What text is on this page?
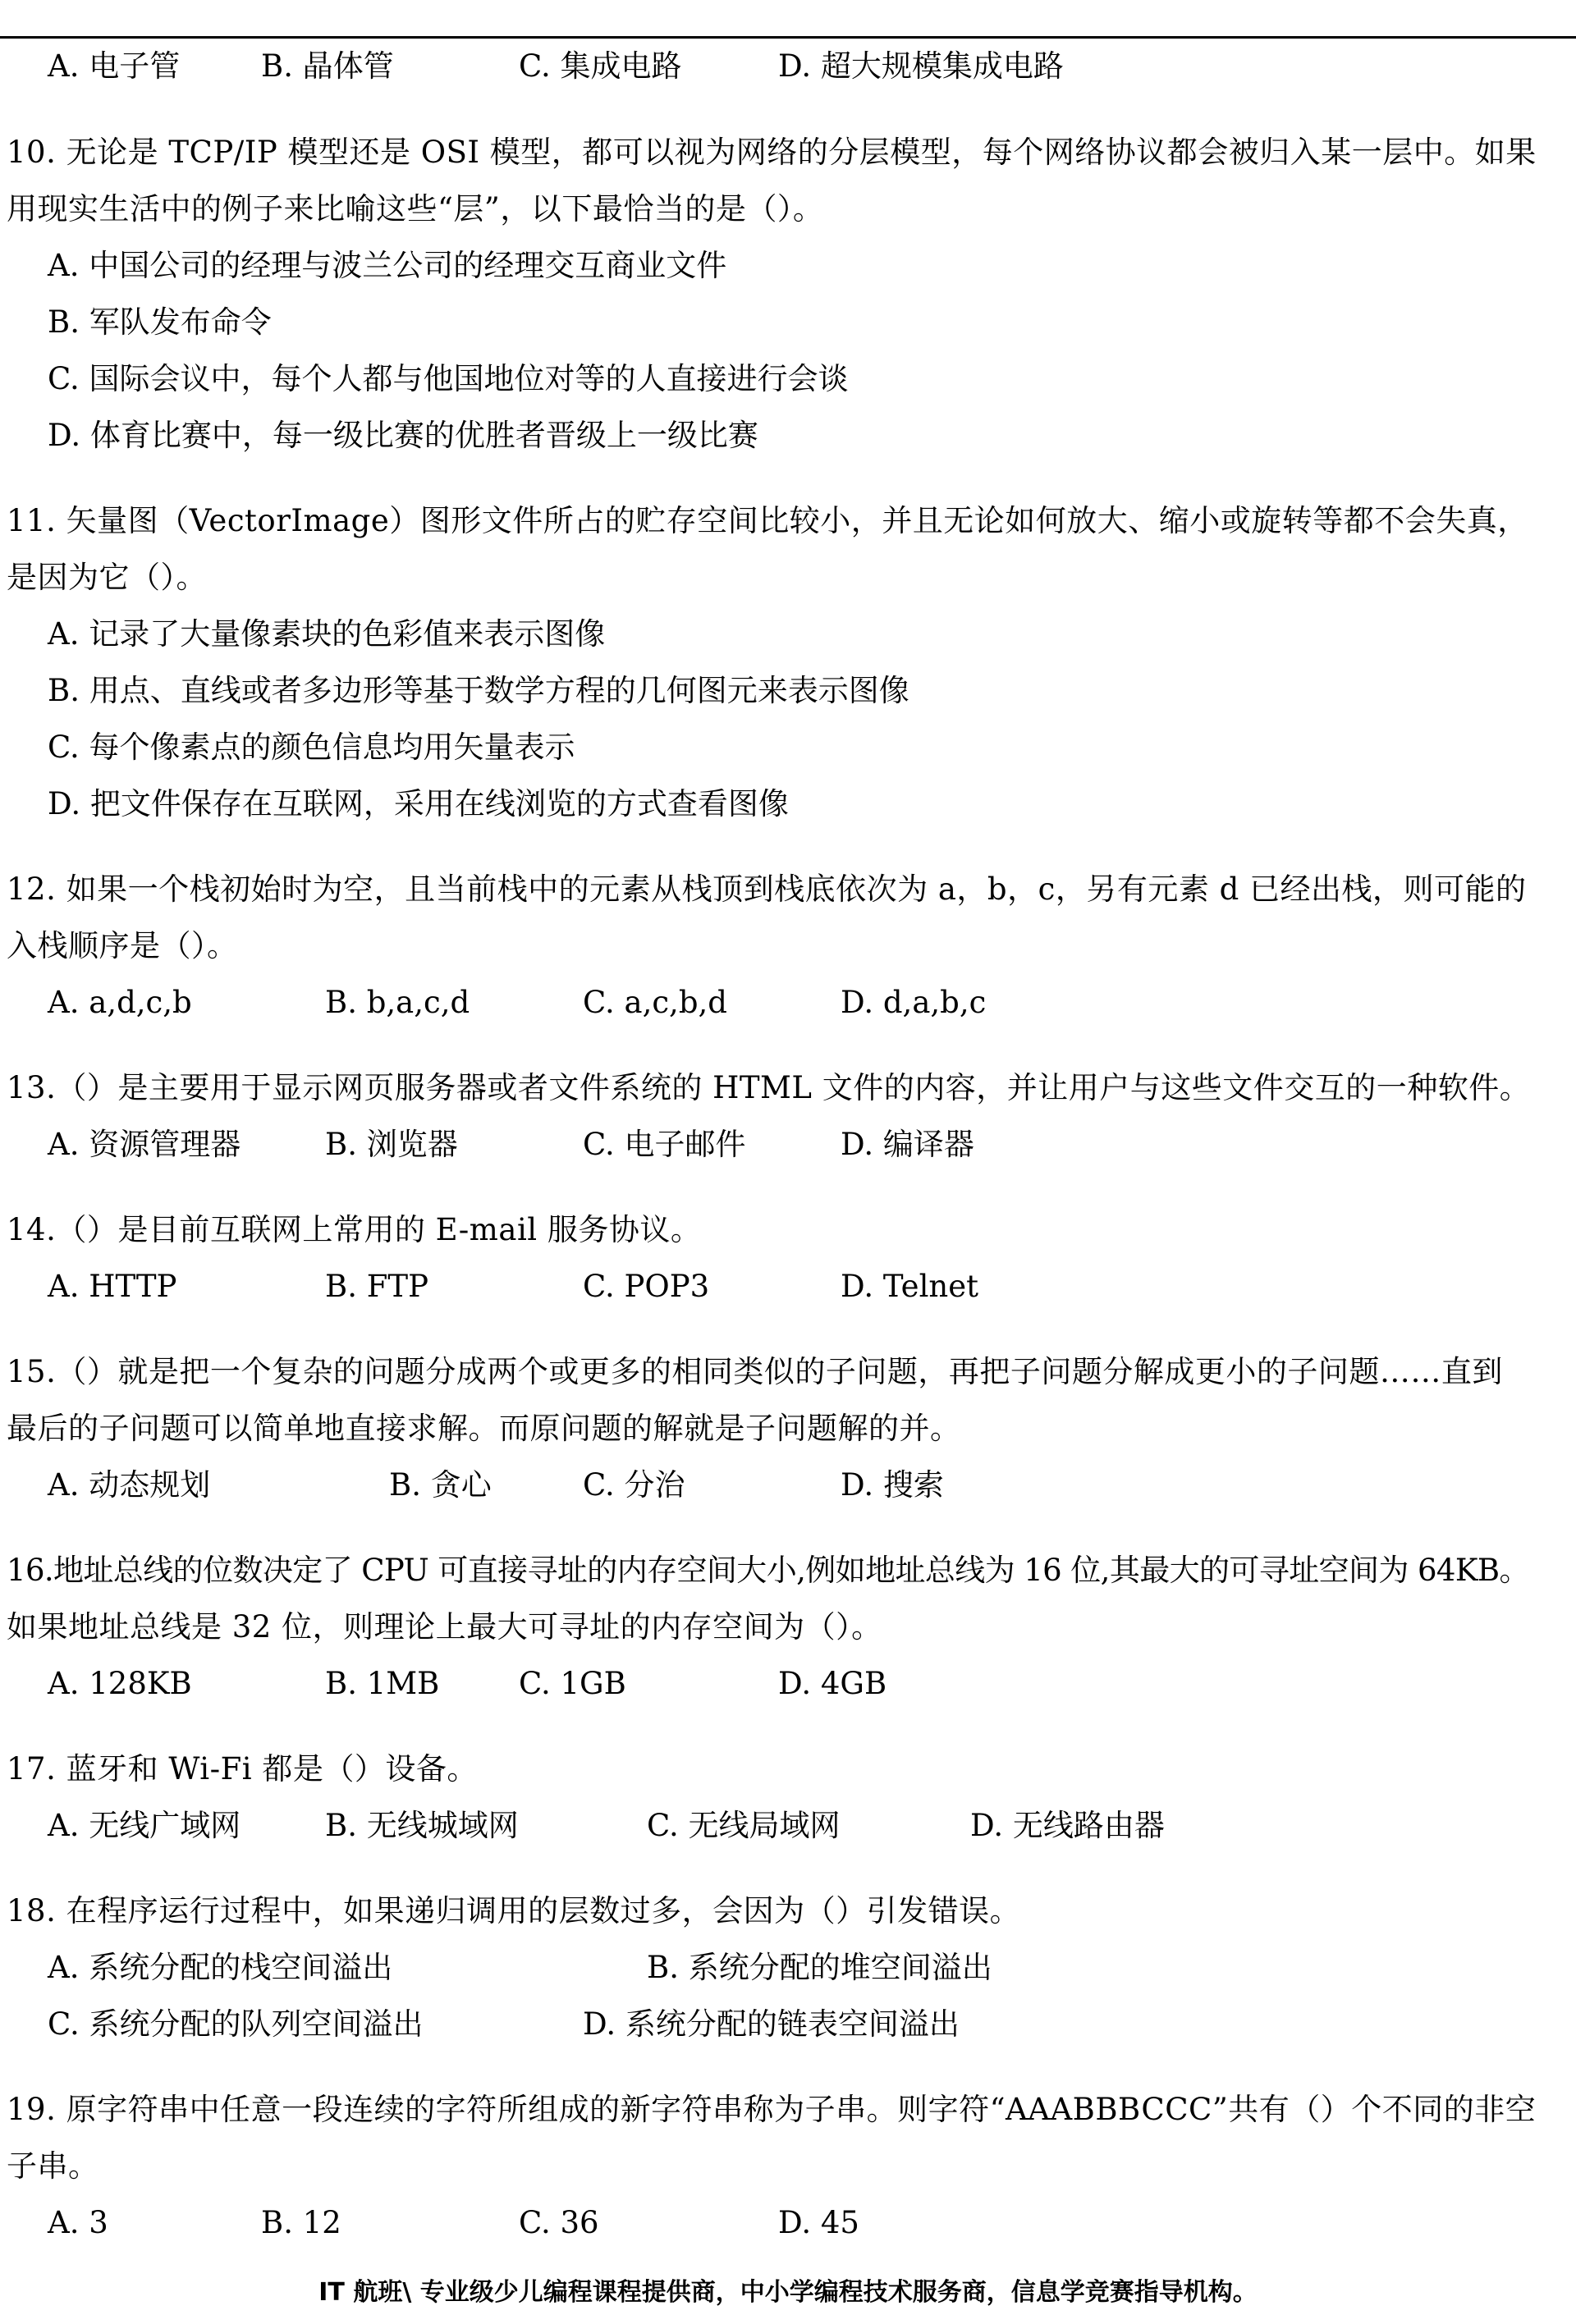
A. 电子管	B. 晶体管	C. 集成电路	D. 超大规模集成电路
10. 无论是 TCP/IP 模型还是 OSI 模型，都可以视为网络的分层模型，每个网络协议都会被归入某一层中。如果
用现实生活中的例子来比喻这些“层”，以下最恰当的是（）。
A. 中国公司的经理与波兰公司的经理交互商业文件
B. 军队发布命令
C. 国际会议中，每个人都与他国地位对等的人直接进行会谈
D. 体育比赛中，每一级比赛的优胜者晋级上一级比赛
11. 矢量图（VectorImage）图形文件所占的贮存空间比较小，并且无论如何放大、缩小或旋转等都不会失真，
是因为它（）。
A. 记录了大量像素块的色彩值来表示图像
B. 用点、直线或者多边形等基于数学方程的几何图元来表示图像
C. 每个像素点的颜色信息均用矢量表示
D. 把文件保存在互联网，采用在线浏览的方式查看图像
12. 如果一个栈初始时为空，且当前栈中的元素从栈顶到栈底依次为 a，b，c，另有元素 d 已经出栈，则可能的
入栈顺序是（）。
A. a,d,c,b	B. b,a,c,d	C. a,c,b,d	D. d,a,b,c
13.（）是主要用于显示网页服务器或者文件系统的 HTML 文件的内容，并让用户与这些文件交互的一种软件。
A. 资源管理器	B. 浏览器	C. 电子邮件	D. 编译器
14.（）是目前互联网上常用的 E-mail 服务协议。
A. HTTP	B. FTP	C. POP3	D. Telnet
15.（）就是把一个复杂的问题分成两个或更多的相同类似的子问题，再把子问题分解成更小的子问题……直到
最后的子问题可以简单地直接求解。而原问题的解就是子问题解的并。
A. 动态规划	B. 贪心	C. 分治	D. 搜索
16.地址总线的位数决定了 CPU 可直接寻址的内存空间大小,例如地址总线为 16 位,其最大的可寻址空间为 64KB。
如果地址总线是 32 位，则理论上最大可寻址的内存空间为（）。
A. 128KB	B. 1MB	C. 1GB	D. 4GB
17. 蓝牙和 Wi-Fi 都是（）设备。
A. 无线广域网	B. 无线城域网	C. 无线局域网	D. 无线路由器
18. 在程序运行过程中，如果递归调用的层数过多，会因为（）引发错误。
A. 系统分配的栈空间溢出	B. 系统分配的堆空间溢出
C. 系统分配的队列空间溢出	D. 系统分配的链表空间溢出
19. 原字符串中任意一段连续的字符所组成的新字符串称为子串。则字符“AAABBBCCC”共有（）个不同的非空
子串。
A. 3	B. 12	C. 36	D. 45
IT 航班\ 专业级少儿编程课程提供商，中小学编程技术服务商，信息学竞赛指导机构。
